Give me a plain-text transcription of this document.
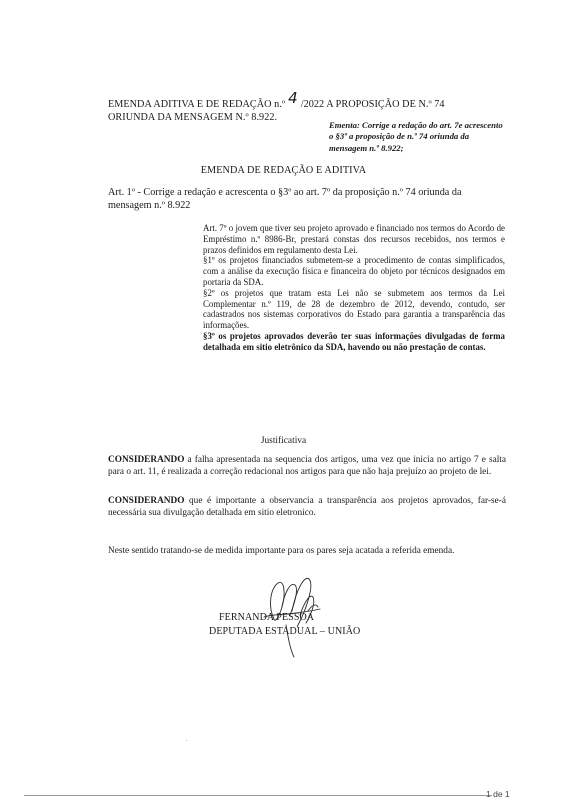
EMENDA ADITIVA E DE REDAÇÃO n.º 4 /2022 A PROPOSIÇÃO DE N.º 74
ORIUNDA DA MENSAGEM N.º 8.922.
Ementa: Corrige a redação do art. 7e acrescento o §3º a proposição de n.º 74 oriunda da mensagem n.º 8.922;
EMENDA DE REDAÇÃO E ADITIVA
Art. 1º - Corrige a redação e acrescenta o §3º ao art. 7º da proposição n.º 74 oriunda da mensagem n.º 8.922

Art. 7º o jovem que tiver seu projeto aprovado e financiado nos termos do Acordo de Empréstimo n.º 8986-Br, prestará constas dos recursos recebidos, nos termos e prazos definidos em regulamento desta Lei.

§1º os projetos financiados submetem-se a procedimento de contas simplificados, com a análise da execução física e financeira do objeto por técnicos designados em portaria da SDA.

§2º os projetos que tratam esta Lei não se submetem aos termos da Lei Complementar n.º 119, de 28 de dezembro de 2012, devendo, contudo, ser cadastrados nos sistemas corporativos do Estado para garantia a transparência das informações.

§3º os projetos aprovados deverão ter suas informações divulgadas de forma detalhada em sitio eletrônico da SDA, havendo ou não prestação de contas.

Justificativa
CONSIDERANDO a falha apresentada na sequencia dos artigos, uma vez que inicia no artigo 7 e salta para o art. 11, é realizada a correção redacional nos artigos para que não haja prejuízo ao projeto de lei.
CONSIDERANDO que é importante a observancia a transparência aos projetos aprovados, far-se-á necessária sua divulgação detalhada em sitio eletronico.
Neste sentido tratando-se de medida importante para os pares seja acatada a referida emenda.
FERNANDA PESSOA
DEPUTADA ESTADUAL – UNIÃO
1 de 1
